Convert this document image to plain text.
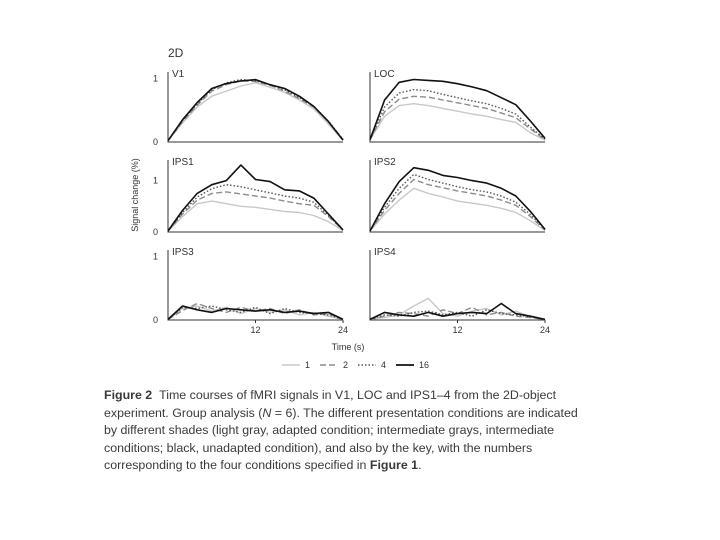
2D
V1
0
1	LOC
IPS1
0
1
IPS2
IPS3
0
1
12	24
IPS4
12	24
Signal change (%)
Time (s)
1	2	4	16
Figure 2 Time courses of fMRI signals in V1, LOC and IPS1–4 from the 2D-object experiment. Group analysis (N = 6). The different presentation conditions are indicated by different shades (light gray, adapted condition; intermediate grays, intermediate conditions; black, unadapted condition), and also by the key, with the numbers corresponding to the four conditions specified in Figure 1.
